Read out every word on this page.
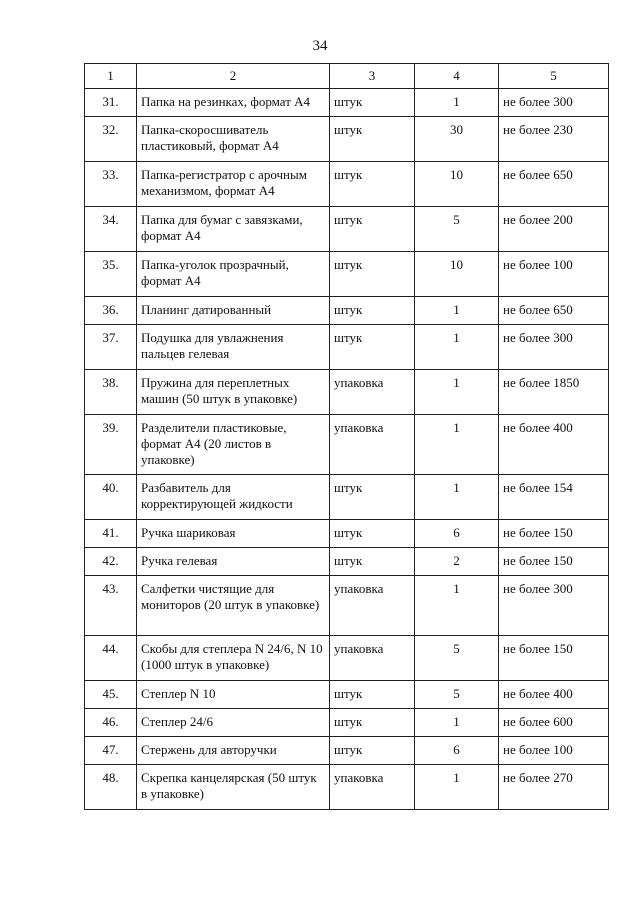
34
1	2	3	4	5
31.	Папка на резинках, формат А4	штук	1	не более 300
32.	Папка-скоросшиватель пластиковый, формат А4	штук	30	не более 230
33.	Папка-регистратор с арочным механизмом, формат А4	штук	10	не более 650
34.	Папка для бумаг с завязками, формат А4	штук	5	не более 200
35.	Папка-уголок прозрачный, формат А4	штук	10	не более 100
36.	Планинг датированный	штук	1	не более 650
37.	Подушка для увлажнения пальцев гелевая	штук	1	не более 300
38.	Пружина для переплетных машин (50 штук в упаковке)	упаковка	1	не более 1850
39.	Разделители пластиковые, формат А4 (20 листов в упаковке)	упаковка	1	не более 400
40.	Разбавитель для корректирующей жидкости	штук	1	не более 154
41.	Ручка шариковая	штук	6	не более 150
42.	Ручка гелевая	штук	2	не более 150
43.	Салфетки чистящие для мониторов (20 штук в упаковке)	упаковка	1	не более 300
44.	Скобы для степлера N 24/6, N 10 (1000 штук в упаковке)	упаковка	5	не более 150
45.	Степлер N 10	штук	5	не более 400
46.	Степлер 24/6	штук	1	не более 600
47.	Стержень для авторучки	штук	6	не более 100
48.	Скрепка канцелярская (50 штук в упаковке)	упаковка	1	не более 270
